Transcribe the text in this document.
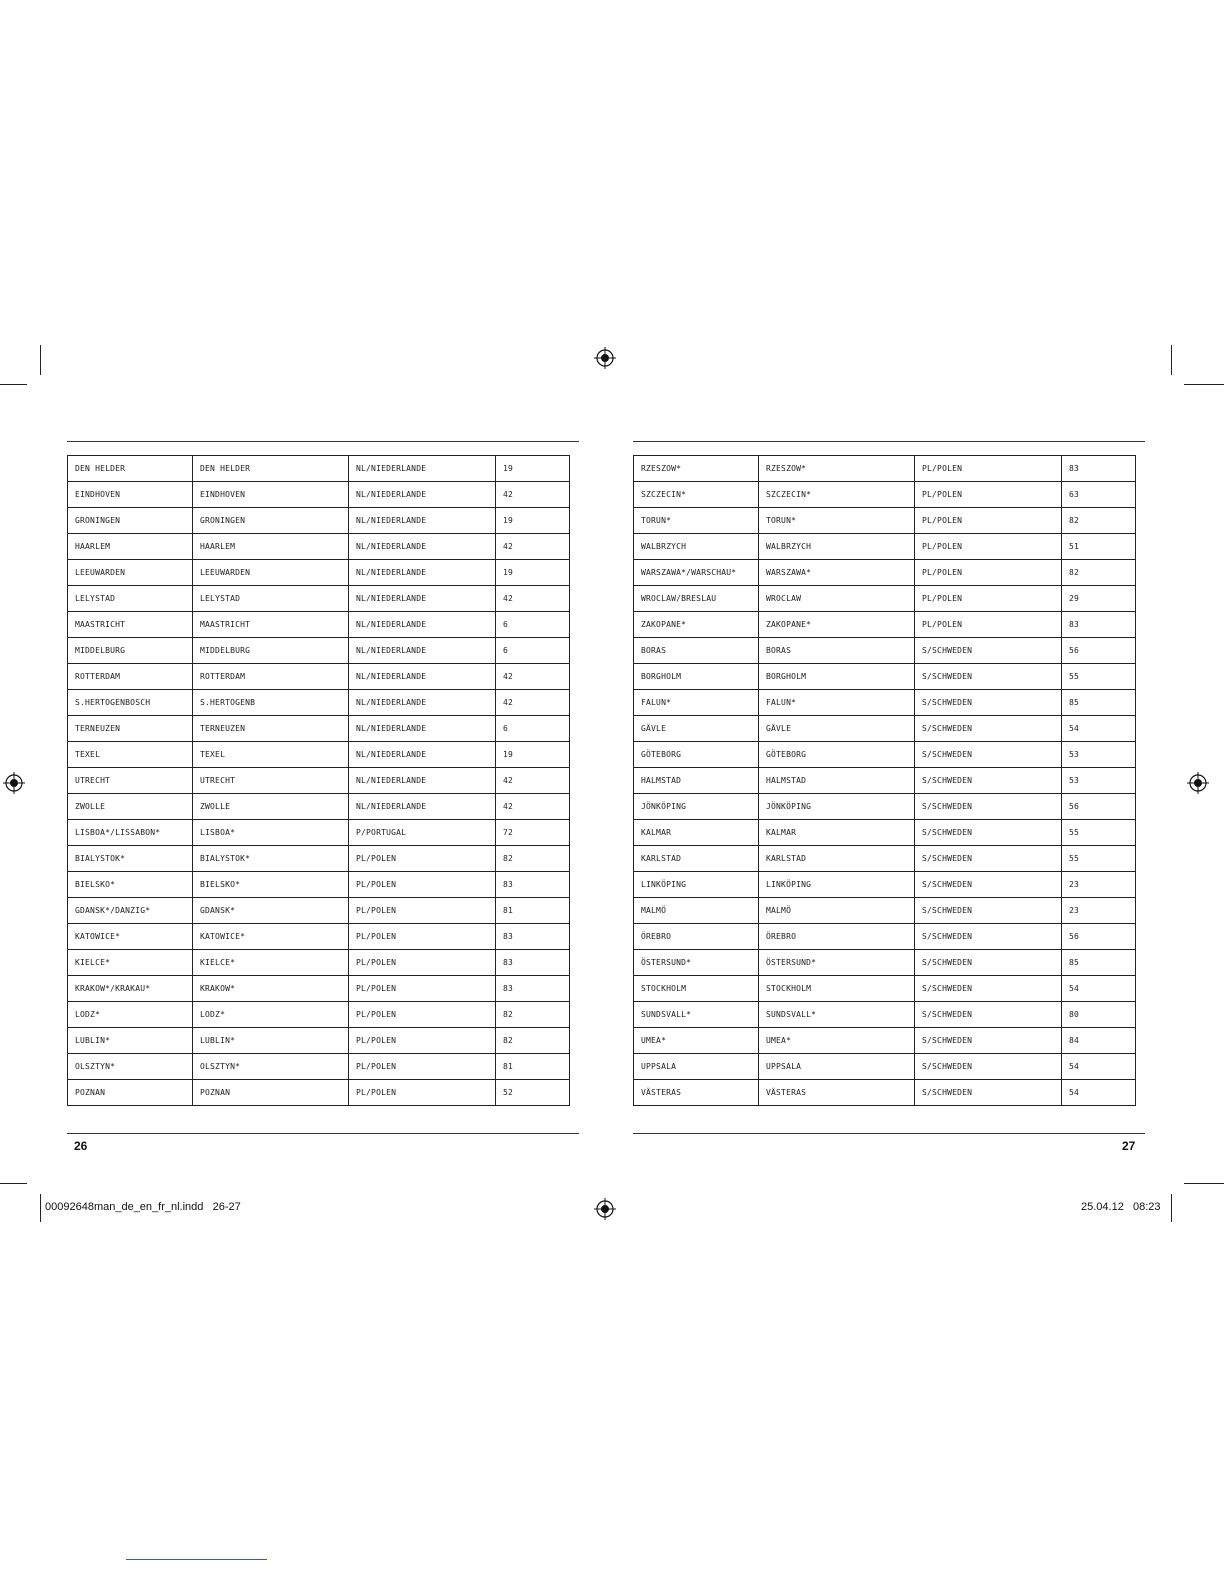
DEN HELDER	DEN HELDER	NL/NIEDERLANDE	19
EINDHOVEN	EINDHOVEN	NL/NIEDERLANDE	42
GRONINGEN	GRONINGEN	NL/NIEDERLANDE	19
HAARLEM	HAARLEM	NL/NIEDERLANDE	42
LEEUWARDEN	LEEUWARDEN	NL/NIEDERLANDE	19
LELYSTAD	LELYSTAD	NL/NIEDERLANDE	42
MAASTRICHT	MAASTRICHT	NL/NIEDERLANDE	6
MIDDELBURG	MIDDELBURG	NL/NIEDERLANDE	6
ROTTERDAM	ROTTERDAM	NL/NIEDERLANDE	42
S.HERTOGENBOSCH	S.HERTOGENB	NL/NIEDERLANDE	42
TERNEUZEN	TERNEUZEN	NL/NIEDERLANDE	6
TEXEL	TEXEL	NL/NIEDERLANDE	19
UTRECHT	UTRECHT	NL/NIEDERLANDE	42
ZWOLLE	ZWOLLE	NL/NIEDERLANDE	42
LISBOA*/LISSABON*	LISBOA*	P/PORTUGAL	72
BIALYSTOK*	BIALYSTOK*	PL/POLEN	82
BIELSKO*	BIELSKO*	PL/POLEN	83
GDANSK*/DANZIG*	GDANSK*	PL/POLEN	81
KATOWICE*	KATOWICE*	PL/POLEN	83
KIELCE*	KIELCE*	PL/POLEN	83
KRAKOW*/KRAKAU*	KRAKOW*	PL/POLEN	83
LODZ*	LODZ*	PL/POLEN	82
LUBLIN*	LUBLIN*	PL/POLEN	82
OLSZTYN*	OLSZTYN*	PL/POLEN	81
POZNAN	POZNAN	PL/POLEN	52
RZESZOW*	RZESZOW*	PL/POLEN	83
SZCZECIN*	SZCZECIN*	PL/POLEN	63
TORUN*	TORUN*	PL/POLEN	82
WALBRZYCH	WALBRZYCH	PL/POLEN	51
WARSZAWA*/WARSCHAU*	WARSZAWA*	PL/POLEN	82
WROCLAW/BRESLAU	WROCLAW	PL/POLEN	29
ZAKOPANE*	ZAKOPANE*	PL/POLEN	83
BORAS	BORAS	S/SCHWEDEN	56
BORGHOLM	BORGHOLM	S/SCHWEDEN	55
FALUN*	FALUN*	S/SCHWEDEN	85
GÄVLE	GÄVLE	S/SCHWEDEN	54
GÖTEBORG	GÖTEBORG	S/SCHWEDEN	53
HALMSTAD	HALMSTAD	S/SCHWEDEN	53
JÖNKÖPING	JÖNKÖPING	S/SCHWEDEN	56
KALMAR	KALMAR	S/SCHWEDEN	55
KARLSTAD	KARLSTAD	S/SCHWEDEN	55
LINKÖPING	LINKÖPING	S/SCHWEDEN	23
MALMÖ	MALMÖ	S/SCHWEDEN	23
ÖREBRO	ÖREBRO	S/SCHWEDEN	56
ÖSTERSUND*	ÖSTERSUND*	S/SCHWEDEN	85
STOCKHOLM	STOCKHOLM	S/SCHWEDEN	54
SUNDSVALL*	SUNDSVALL*	S/SCHWEDEN	80
UMEA*	UMEA*	S/SCHWEDEN	84
UPPSALA	UPPSALA	S/SCHWEDEN	54
VÄSTERAS	VÄSTERAS	S/SCHWEDEN	54
26	27
00092648man_de_en_fr_nl.indd   26-27	25.04.12   08:23
